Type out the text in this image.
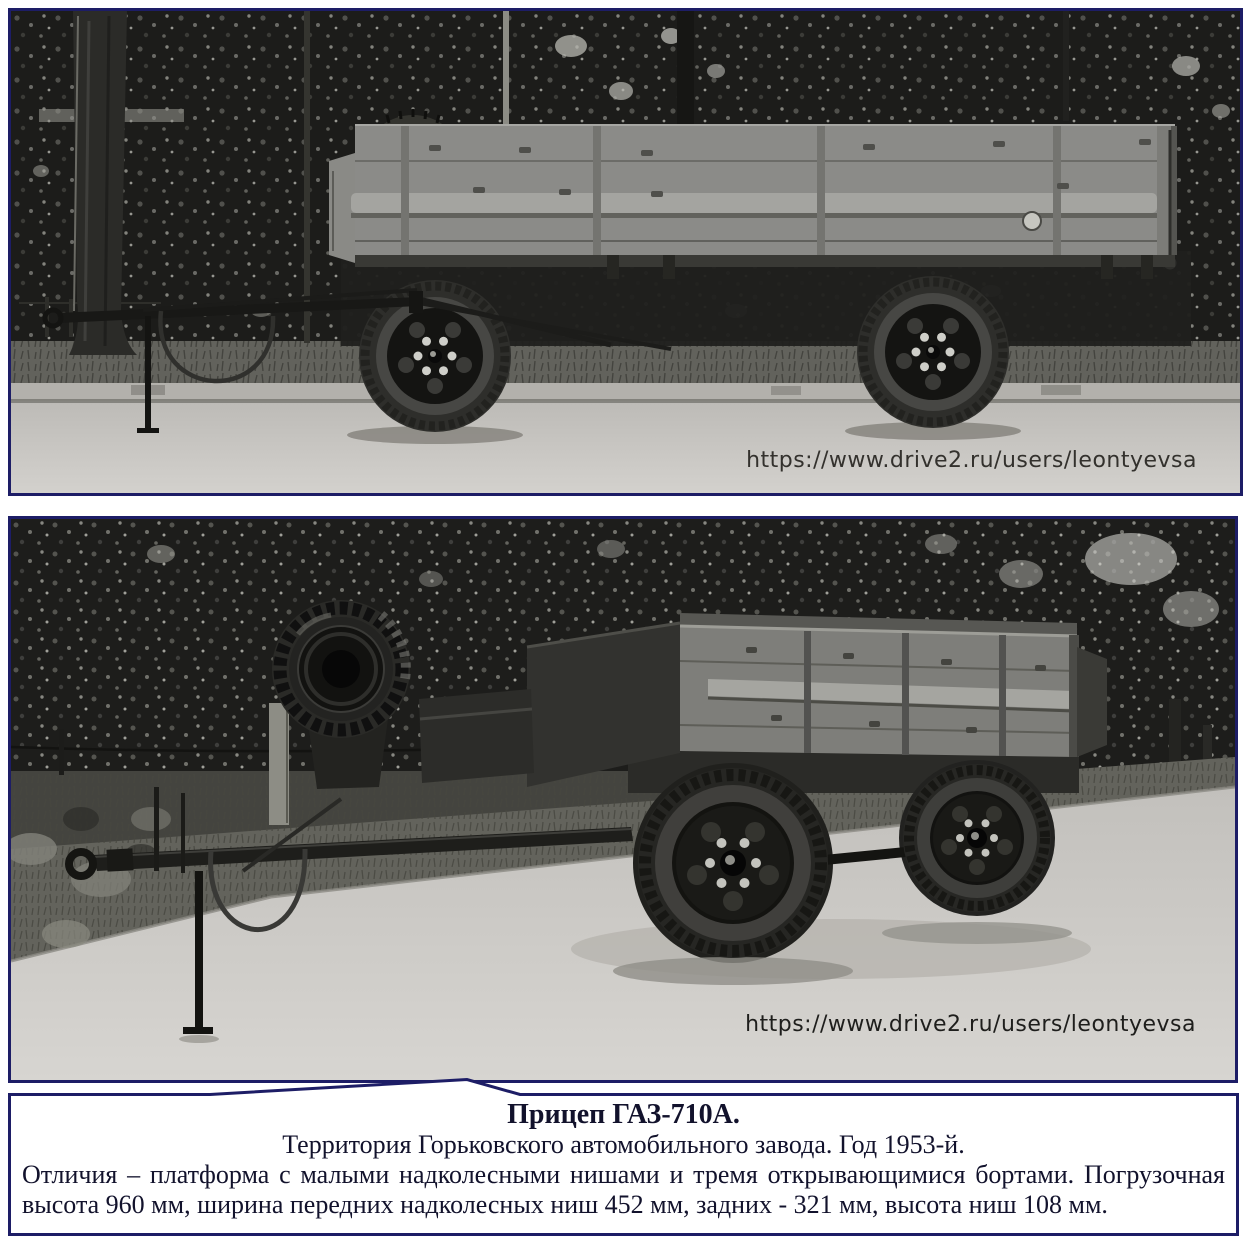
https://www.drive2.ru/users/leontyevsa
https://www.drive2.ru/users/leontyevsa
Прицеп ГАЗ-710А.
Территория Горьковского автомобильного завода. Год 1953-й.
Отличия – платформа с малыми надколесными нишами и тремя открывающимися бортами. Погрузочная
высота 960 мм, ширина передних надколесных ниш 452 мм, задних - 321 мм, высота ниш 108 мм.
